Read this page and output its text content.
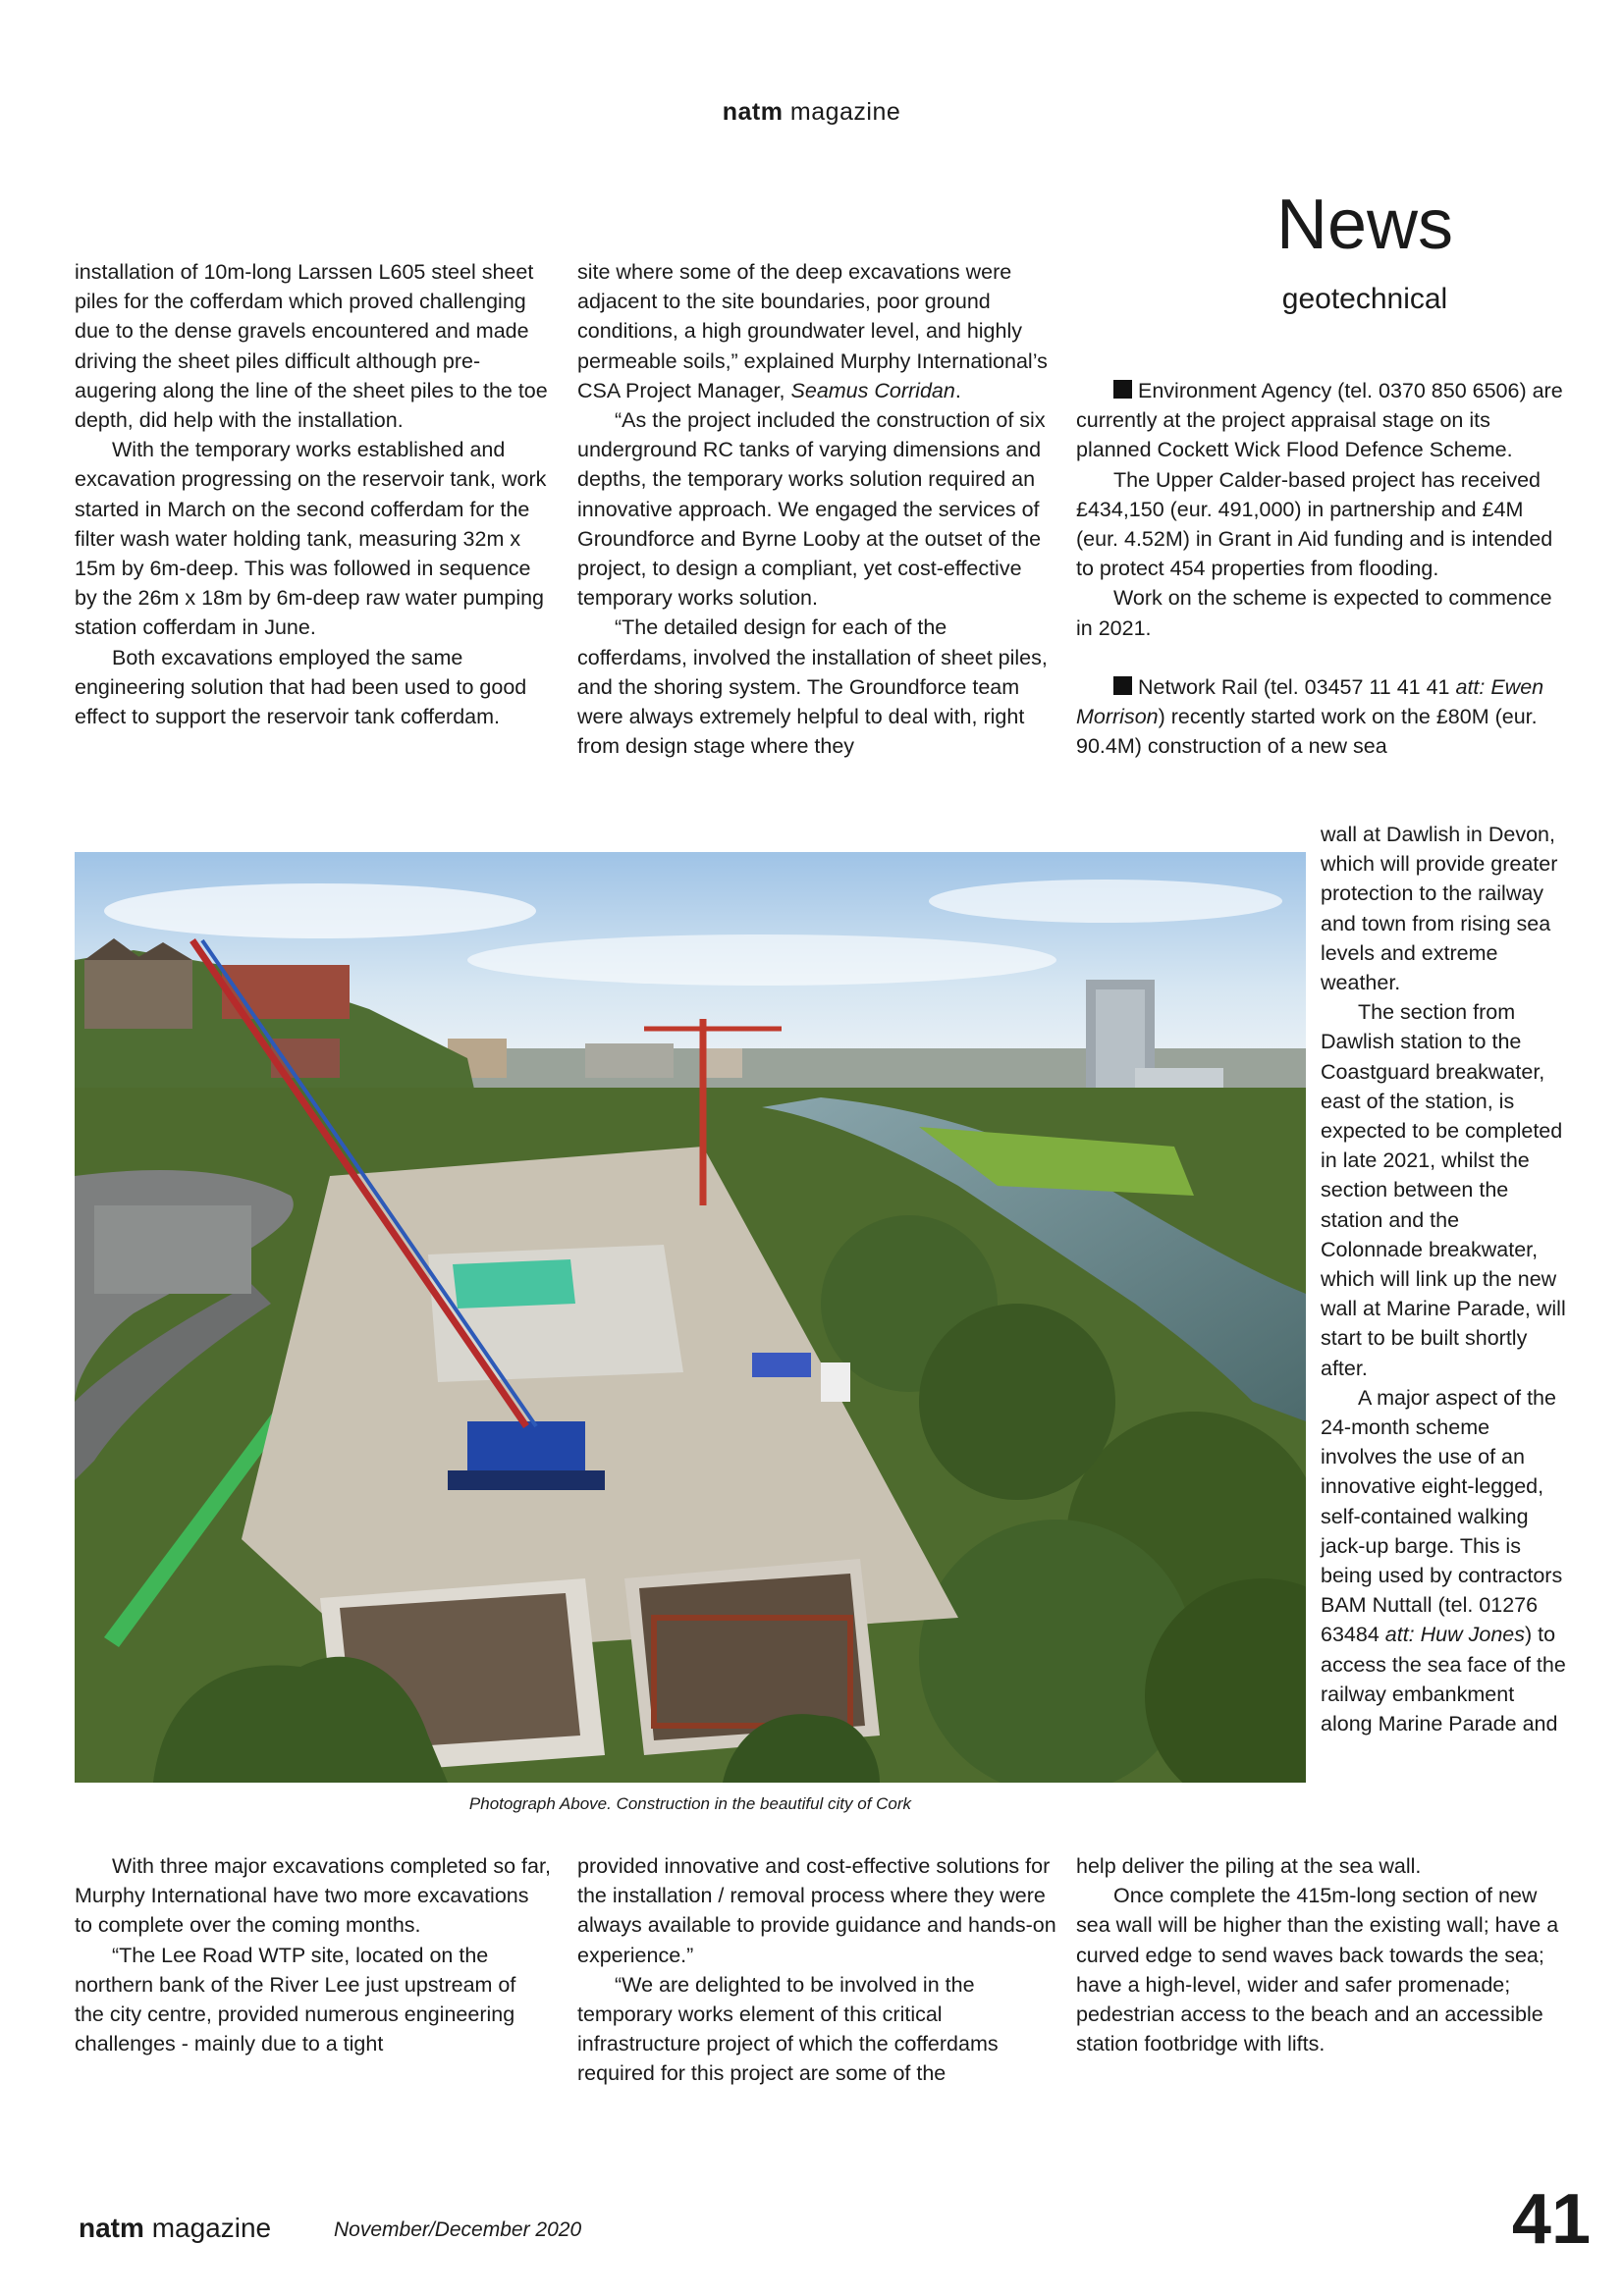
natm magazine
News
geotechnical

installation of 10m-long Larssen L605 steel sheet piles for the cofferdam which proved challenging due to the dense gravels encountered and made driving the sheet piles difficult although pre-augering along the line of the sheet piles to the toe depth, did help with the installation.

With the temporary works established and excavation progressing on the reservoir tank, work started in March on the second cofferdam for the filter wash water holding tank, measuring 32m x 15m by 6m-deep. This was followed in sequence by the 26m x 18m by 6m-deep raw water pumping station cofferdam in June.

Both excavations employed the same engineering solution that had been used to good effect to support the reservoir tank cofferdam.

site where some of the deep excavations were adjacent to the site boundaries, poor ground conditions, a high groundwater level, and highly permeable soils,” explained Murphy International’s CSA Project Manager, Seamus Corridan.

“As the project included the construction of six underground RC tanks of varying dimensions and depths, the temporary works solution required an innovative approach. We engaged the services of Groundforce and Byrne Looby at the outset of the project, to design a compliant, yet cost-effective temporary works solution.

“The detailed design for each of the cofferdams, involved the installation of sheet piles, and the shoring system. The Groundforce team were always extremely helpful to deal with, right from design stage where they

Environment Agency (tel. 0370 850 6506) are currently at the project appraisal stage on its planned Cockett Wick Flood Defence Scheme.

The Upper Calder-based project has received £434,150 (eur. 491,000) in partnership and £4M (eur. 4.52M) in Grant in Aid funding and is intended to protect 454 properties from flooding.

Work on the scheme is expected to commence in 2021.

Network Rail (tel. 03457 11 41 41 att: Ewen Morrison) recently started work on the £80M (eur. 90.4M) construction of a new sea

wall at Dawlish in Devon, which will provide greater protection to the railway and town from rising sea levels and extreme weather.

The section from Dawlish station to the Coastguard breakwater, east of the station, is expected to be completed in late 2021, whilst the section between the station and the Colonnade breakwater, which will link up the new wall at Marine Parade, will start to be built shortly after.

A major aspect of the 24-month scheme involves the use of an innovative eight-legged, self-contained walking jack-up barge. This is being used by contractors BAM Nuttall (tel. 01276 63484 att: Huw Jones) to access the sea face of the railway embankment along Marine Parade and

Photograph Above. Construction in the beautiful city of Cork

With three major excavations completed so far, Murphy International have two more excavations to complete over the coming months.

“The Lee Road WTP site, located on the northern bank of the River Lee just upstream of the city centre, provided numerous engineering challenges - mainly due to a tight

provided innovative and cost-effective solutions for the installation / removal process where they were always available to provide guidance and hands-on experience.”

“We are delighted to be involved in the temporary works element of this critical infrastructure project of which the cofferdams required for this project are some of the

help deliver the piling at the sea wall.

Once complete the 415m-long section of new sea wall will be higher than the existing wall; have a curved edge to send waves back towards the sea; have a high-level, wider and safer promenade; pedestrian access to the beach and an accessible station footbridge with lifts.

natm magazine	November/December 2020	41
